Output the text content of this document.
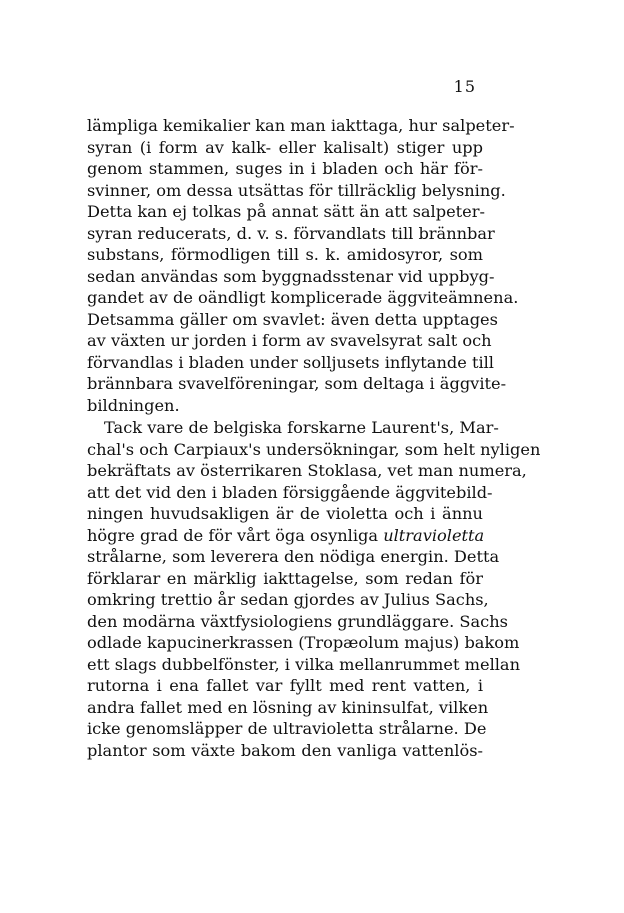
15
lämpliga kemikalier kan man iakttaga, hur salpeter-
syran (i form av kalk- eller kalisalt) stiger upp
genom stammen, suges in i bladen och här för-
svinner, om dessa utsättas för tillräcklig belysning.
Detta kan ej tolkas på annat sätt än att salpeter-
syran reducerats, d. v. s. förvandlats till brännbar
substans, förmodligen till s. k. amidosyror, som
sedan användas som byggnadsstenar vid uppbyg-
gandet av de oändligt komplicerade äggviteämnena.
Detsamma gäller om svavlet: även detta upptages
av växten ur jorden i form av svavelsyrat salt och
förvandlas i bladen under solljusets inflytande till
brännbara svavelföreningar, som deltaga i äggvite-
bildningen.
Tack vare de belgiska forskarne Laurent's, Mar-
chal's och Carpiaux's undersökningar, som helt nyligen
bekräftats av österrikaren Stoklasa, vet man numera,
att det vid den i bladen försiggående äggvitebild-
ningen huvudsakligen är de violetta och i ännu
högre grad de för vårt öga osynliga ultravioletta
strålarne, som leverera den nödiga energin. Detta
förklarar en märklig iakttagelse, som redan för
omkring trettio år sedan gjordes av Julius Sachs,
den modärna växtfysiologiens grundläggare. Sachs
odlade kapucinerkrassen (Tropæolum majus) bakom
ett slags dubbelfönster, i vilka mellanrummet mellan
rutorna i ena fallet var fyllt med rent vatten, i
andra fallet med en lösning av kininsulfat, vilken
icke genomsläpper de ultravioletta strålarne. De
plantor som växte bakom den vanliga vattenlös-
